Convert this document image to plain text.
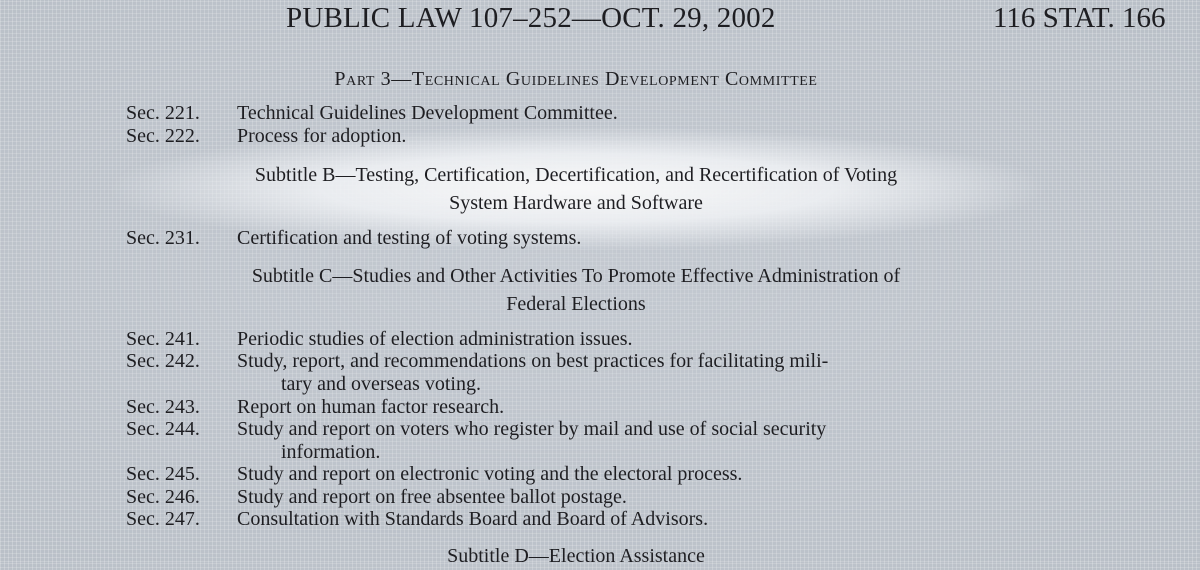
PUBLIC LAW 107–252—OCT. 29, 2002	116 STAT. 166
Part 3—Technical Guidelines Development Committee
Sec. 221. Technical Guidelines Development Committee.
Sec. 222. Process for adoption.
Subtitle B—Testing, Certification, Decertification, and Recertification of Voting
System Hardware and Software
Sec. 231. Certification and testing of voting systems.
Subtitle C—Studies and Other Activities To Promote Effective Administration of
Federal Elections
Sec. 241. Periodic studies of election administration issues.
Sec. 242. Study, report, and recommendations on best practices for facilitating mili-
tary and overseas voting.
Sec. 243. Report on human factor research.
Sec. 244. Study and report on voters who register by mail and use of social security
information.
Sec. 245. Study and report on electronic voting and the electoral process.
Sec. 246. Study and report on free absentee ballot postage.
Sec. 247. Consultation with Standards Board and Board of Advisors.
Subtitle D—Election Assistance
